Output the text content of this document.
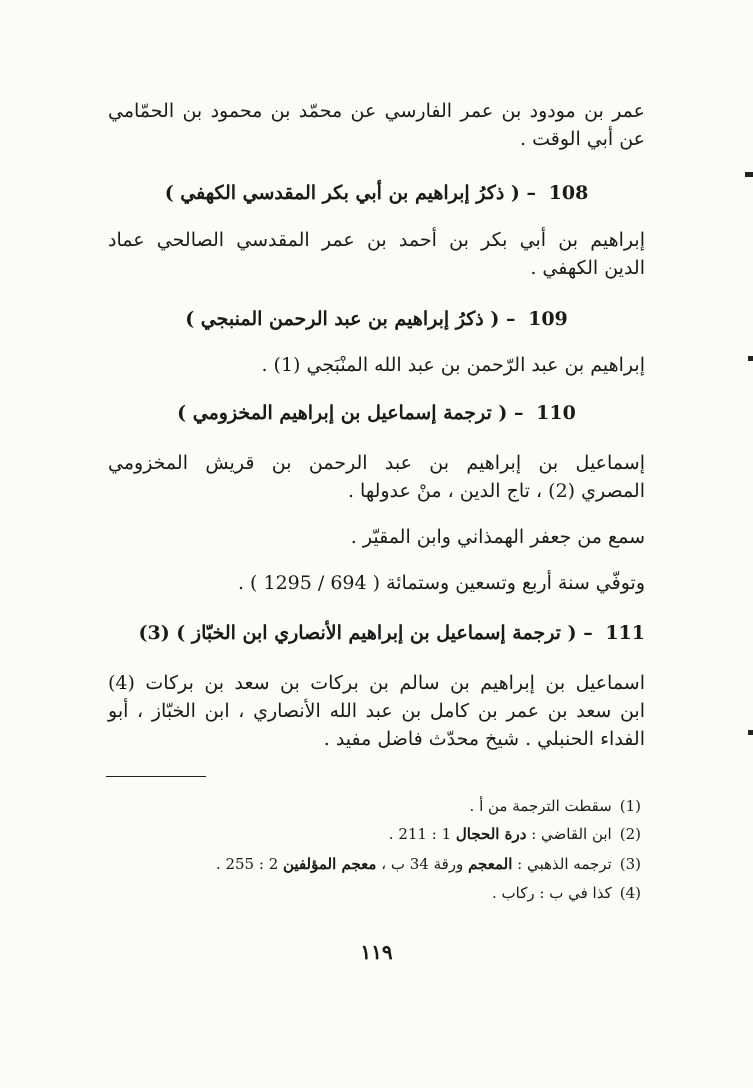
عمر بن مودود بن عمر الفارسي عن محمّد بن محمود بن الحمّامي
عن أبي الوقت .
108 – ( ذكرُ إبراهيم بن أبي بكر المقدسي الكهفي )
إبراهيم بن أبي بكر بن أحمد بن عمر المقدسي الصالحي عماد
الدين الكهفي .
109 – ( ذكرُ إبراهيم بن عبد الرحمن المنبجي )
إبراهيم بن عبد الرّحمن بن عبد الله المنْبَجي (1) .
110 – ( ترجمة إسماعيل بن إبراهيم المخزومي )
إسماعيل بن إبراهيم بن عبد الرحمن بن قريش المخزومي
المصري (2) ، تاج الدين ، منْ عدولها .
سمع من جعفر الهمذاني وابن المقيّر .
وتوفّي سنة أربع وتسعين وستمائة ( 694 / 1295 ) .
111 – ( ترجمة إسماعيل بن إبراهيم الأنصاري ابن الخبّاز ) (3)
اسماعيل بن إبراهيم بن سالم بن بركات بن سعد بن بركات (4)
ابن سعد بن عمر بن كامل بن عبد الله الأنصاري ، ابن الخبّاز ، أبو
الفداء الحنبلي . شيخ محدّث فاضل مفيد .
(1)سقطت الترجمة من أ .
(2)ابن القاضي : درة الحجال 1 : 211 .
(3)ترجمه الذهبي : المعجم ورقة 34 ب ، معجم المؤلفين 2 : 255 .
(4)كذا في ب : ركاب .
١١٩
